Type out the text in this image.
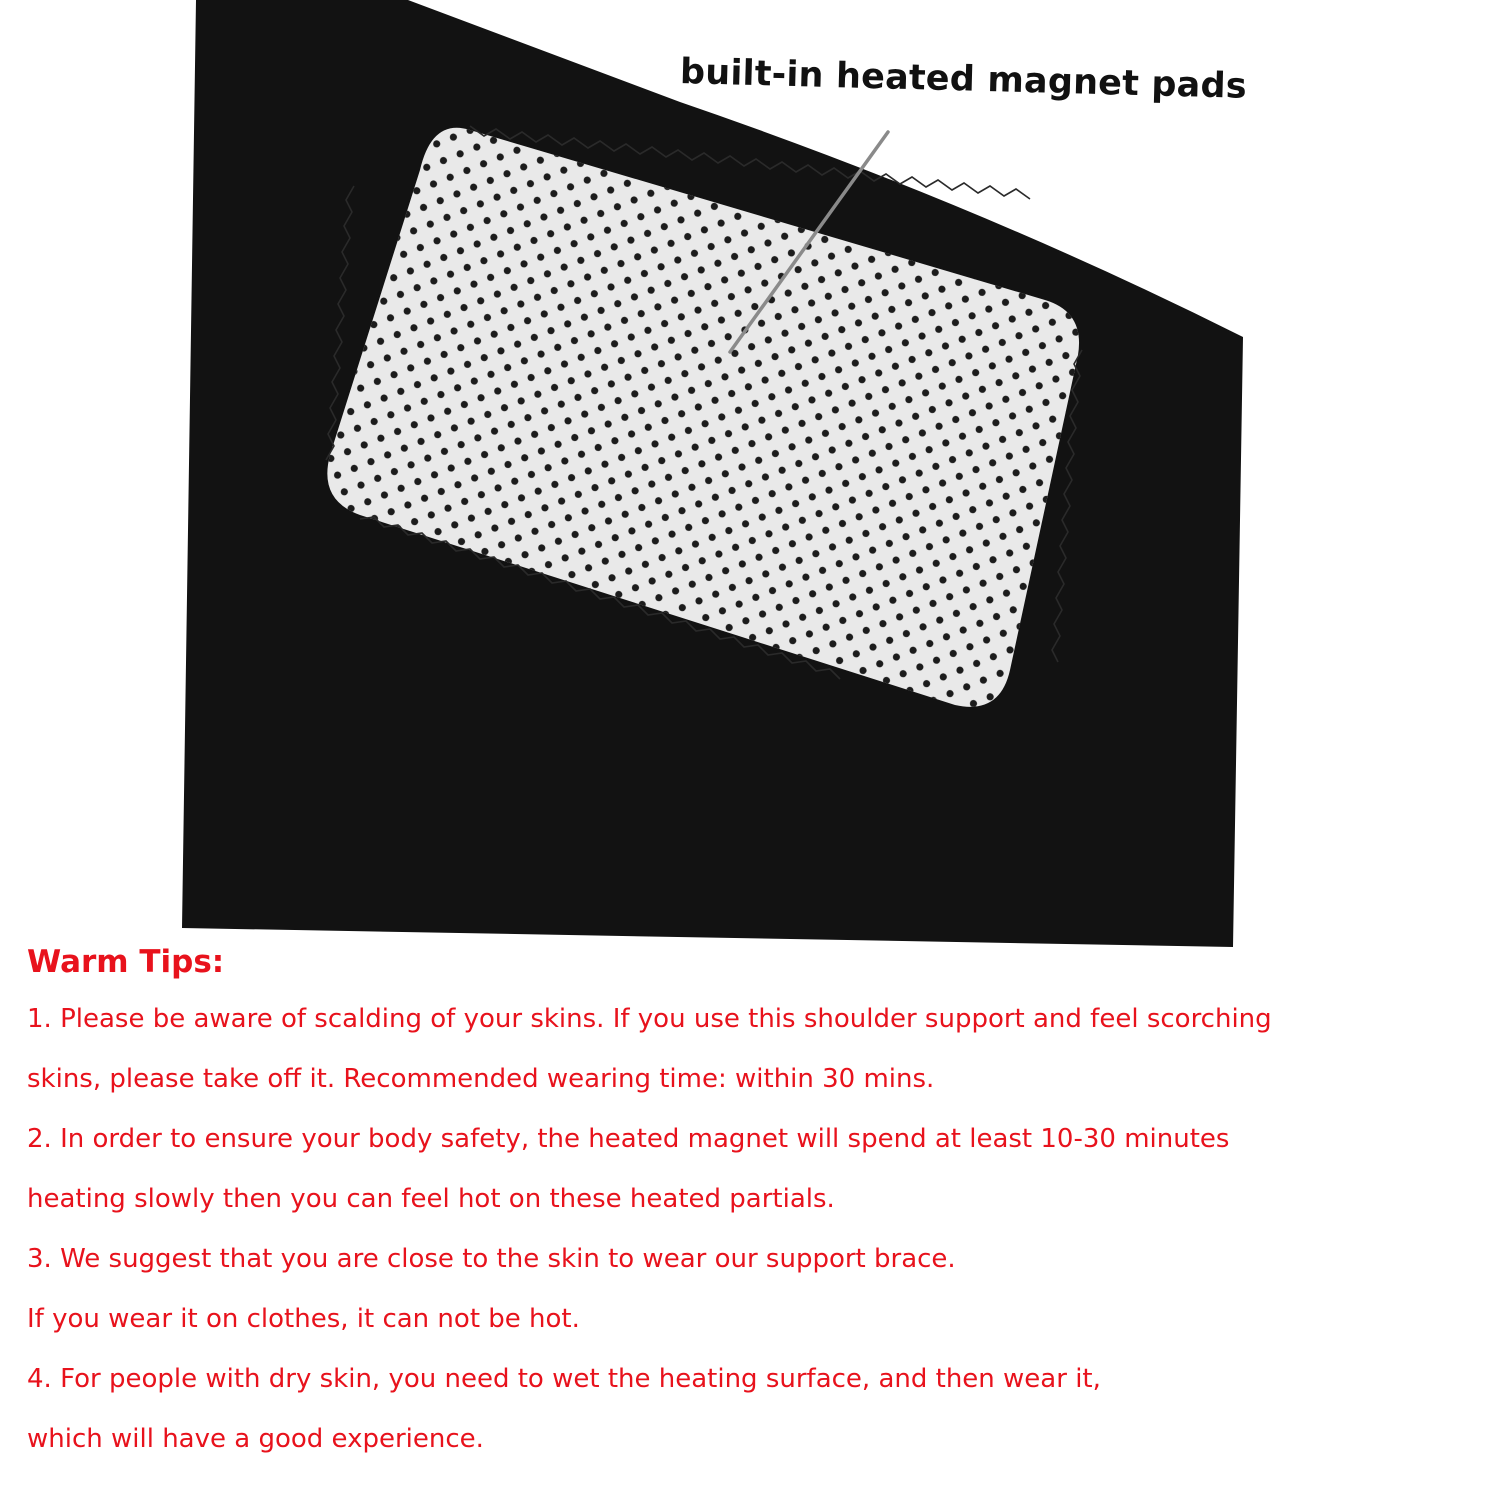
built-in heated magnet pads
Warm Tips:

1. Please be aware of scalding of your skins. If you use this shoulder support and feel scorching

skins, please take off it. Recommended wearing time: within 30 mins.

2. In order to ensure your body safety, the heated magnet will spend at least 10-30 minutes

heating slowly then you can feel hot on these heated partials.

3. We suggest that you are close to the skin to wear our support brace.

If you wear it on clothes, it can not be hot.

4. For people with dry skin, you need to wet the heating surface, and then wear it,

which will have a good experience.
